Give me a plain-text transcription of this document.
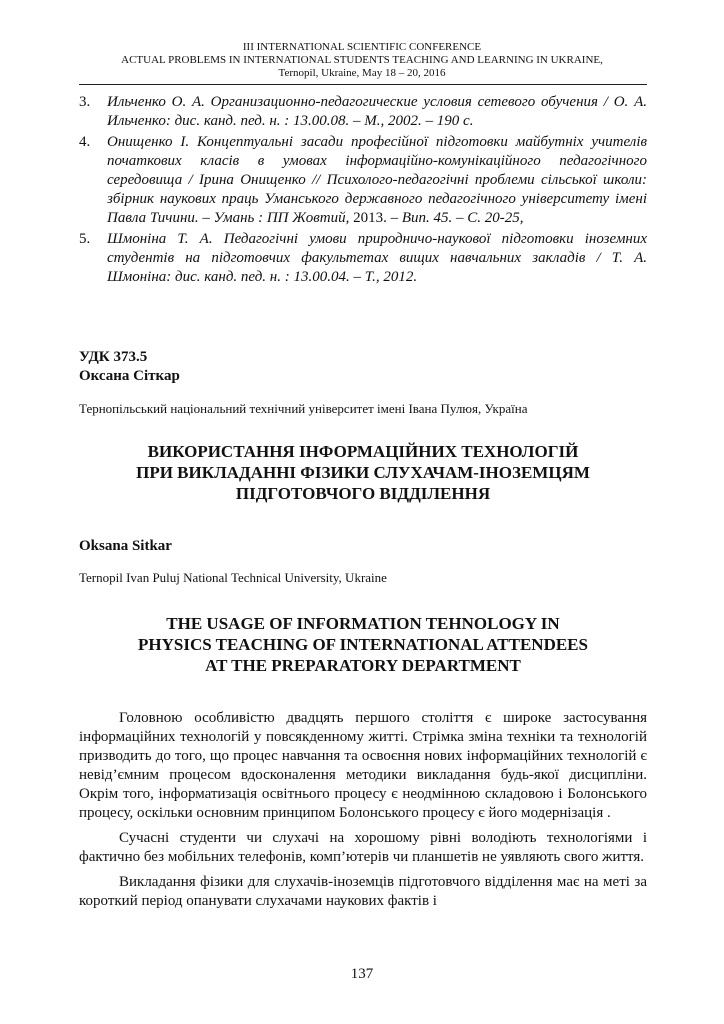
III INTERNATIONAL SCIENTIFIC CONFERENCE
ACTUAL PROBLEMS IN INTERNATIONAL STUDENTS TEACHING AND LEARNING IN UKRAINE,
Ternopil, Ukraine, May 18 – 20, 2016
3. Ильченко О. А. Организационно-педагогические условия сетевого обучения / О. А. Ильченко: дис. канд. пед. н. : 13.00.08. – М., 2002. – 190 с.
4. Онищенко І. Концептуальні засади професійної підготовки майбутніх учителів початкових класів в умовах інформаційно-комунікаційного педагогічного середовища / Ірина Онищенко // Психолого-педагогічні проблеми сільської школи: збірник наукових праць Уманського державного педагогічного університету імені Павла Тичини. – Умань : ПП Жовтий, 2013. – Вип. 45. – С. 20-25,
5. Шмоніна Т. А. Педагогічні умови природничо-наукової підготовки іноземних студентів на підготовчих факультетах вищих навчальних закладів / Т. А. Шмоніна: дис. канд. пед. н. : 13.00.04. – Т., 2012.
УДК 373.5
Оксана Сіткар
Тернопільський національний технічний університет імені Івана Пулюя, Україна
ВИКОРИСТАННЯ ІНФОРМАЦІЙНИХ ТЕХНОЛОГІЙ
ПРИ ВИКЛАДАННІ ФІЗИКИ СЛУХАЧАМ-ІНОЗЕМЦЯМ
ПІДГОТОВЧОГО ВІДДІЛЕННЯ
Oksana Sitkar
Ternopil Ivan Puluj National Technical University, Ukraine
THE USAGE OF INFORMATION TEHNOLOGY IN
PHYSICS TEACHING OF INTERNATIONAL ATTENDEES
AT THE PREPARATORY DEPARTMENT

Головною особливістю двадцять першого століття є широке застосування інформаційних технологій у повсякденному житті. Стрімка зміна техніки та технологій призводить до того, що процес навчання та освоєння нових інформаційних технологій є невід’ємним процесом вдосконалення методики викладання будь-якої дисципліни. Окрім того, інформатизація освітнього процесу є неодмінною складовою і Болонського процесу, оскільки основним принципом Болонського процесу є його модернізація .

Сучасні студенти чи слухачі на хорошому рівні володіють технологіями і фактично без мобільних телефонів, комп’ютерів чи планшетів не уявляють свого життя.

Викладання фізики для слухачів-іноземців підготовчого відділення має на меті за короткий період опанувати слухачами наукових фактів і

137
